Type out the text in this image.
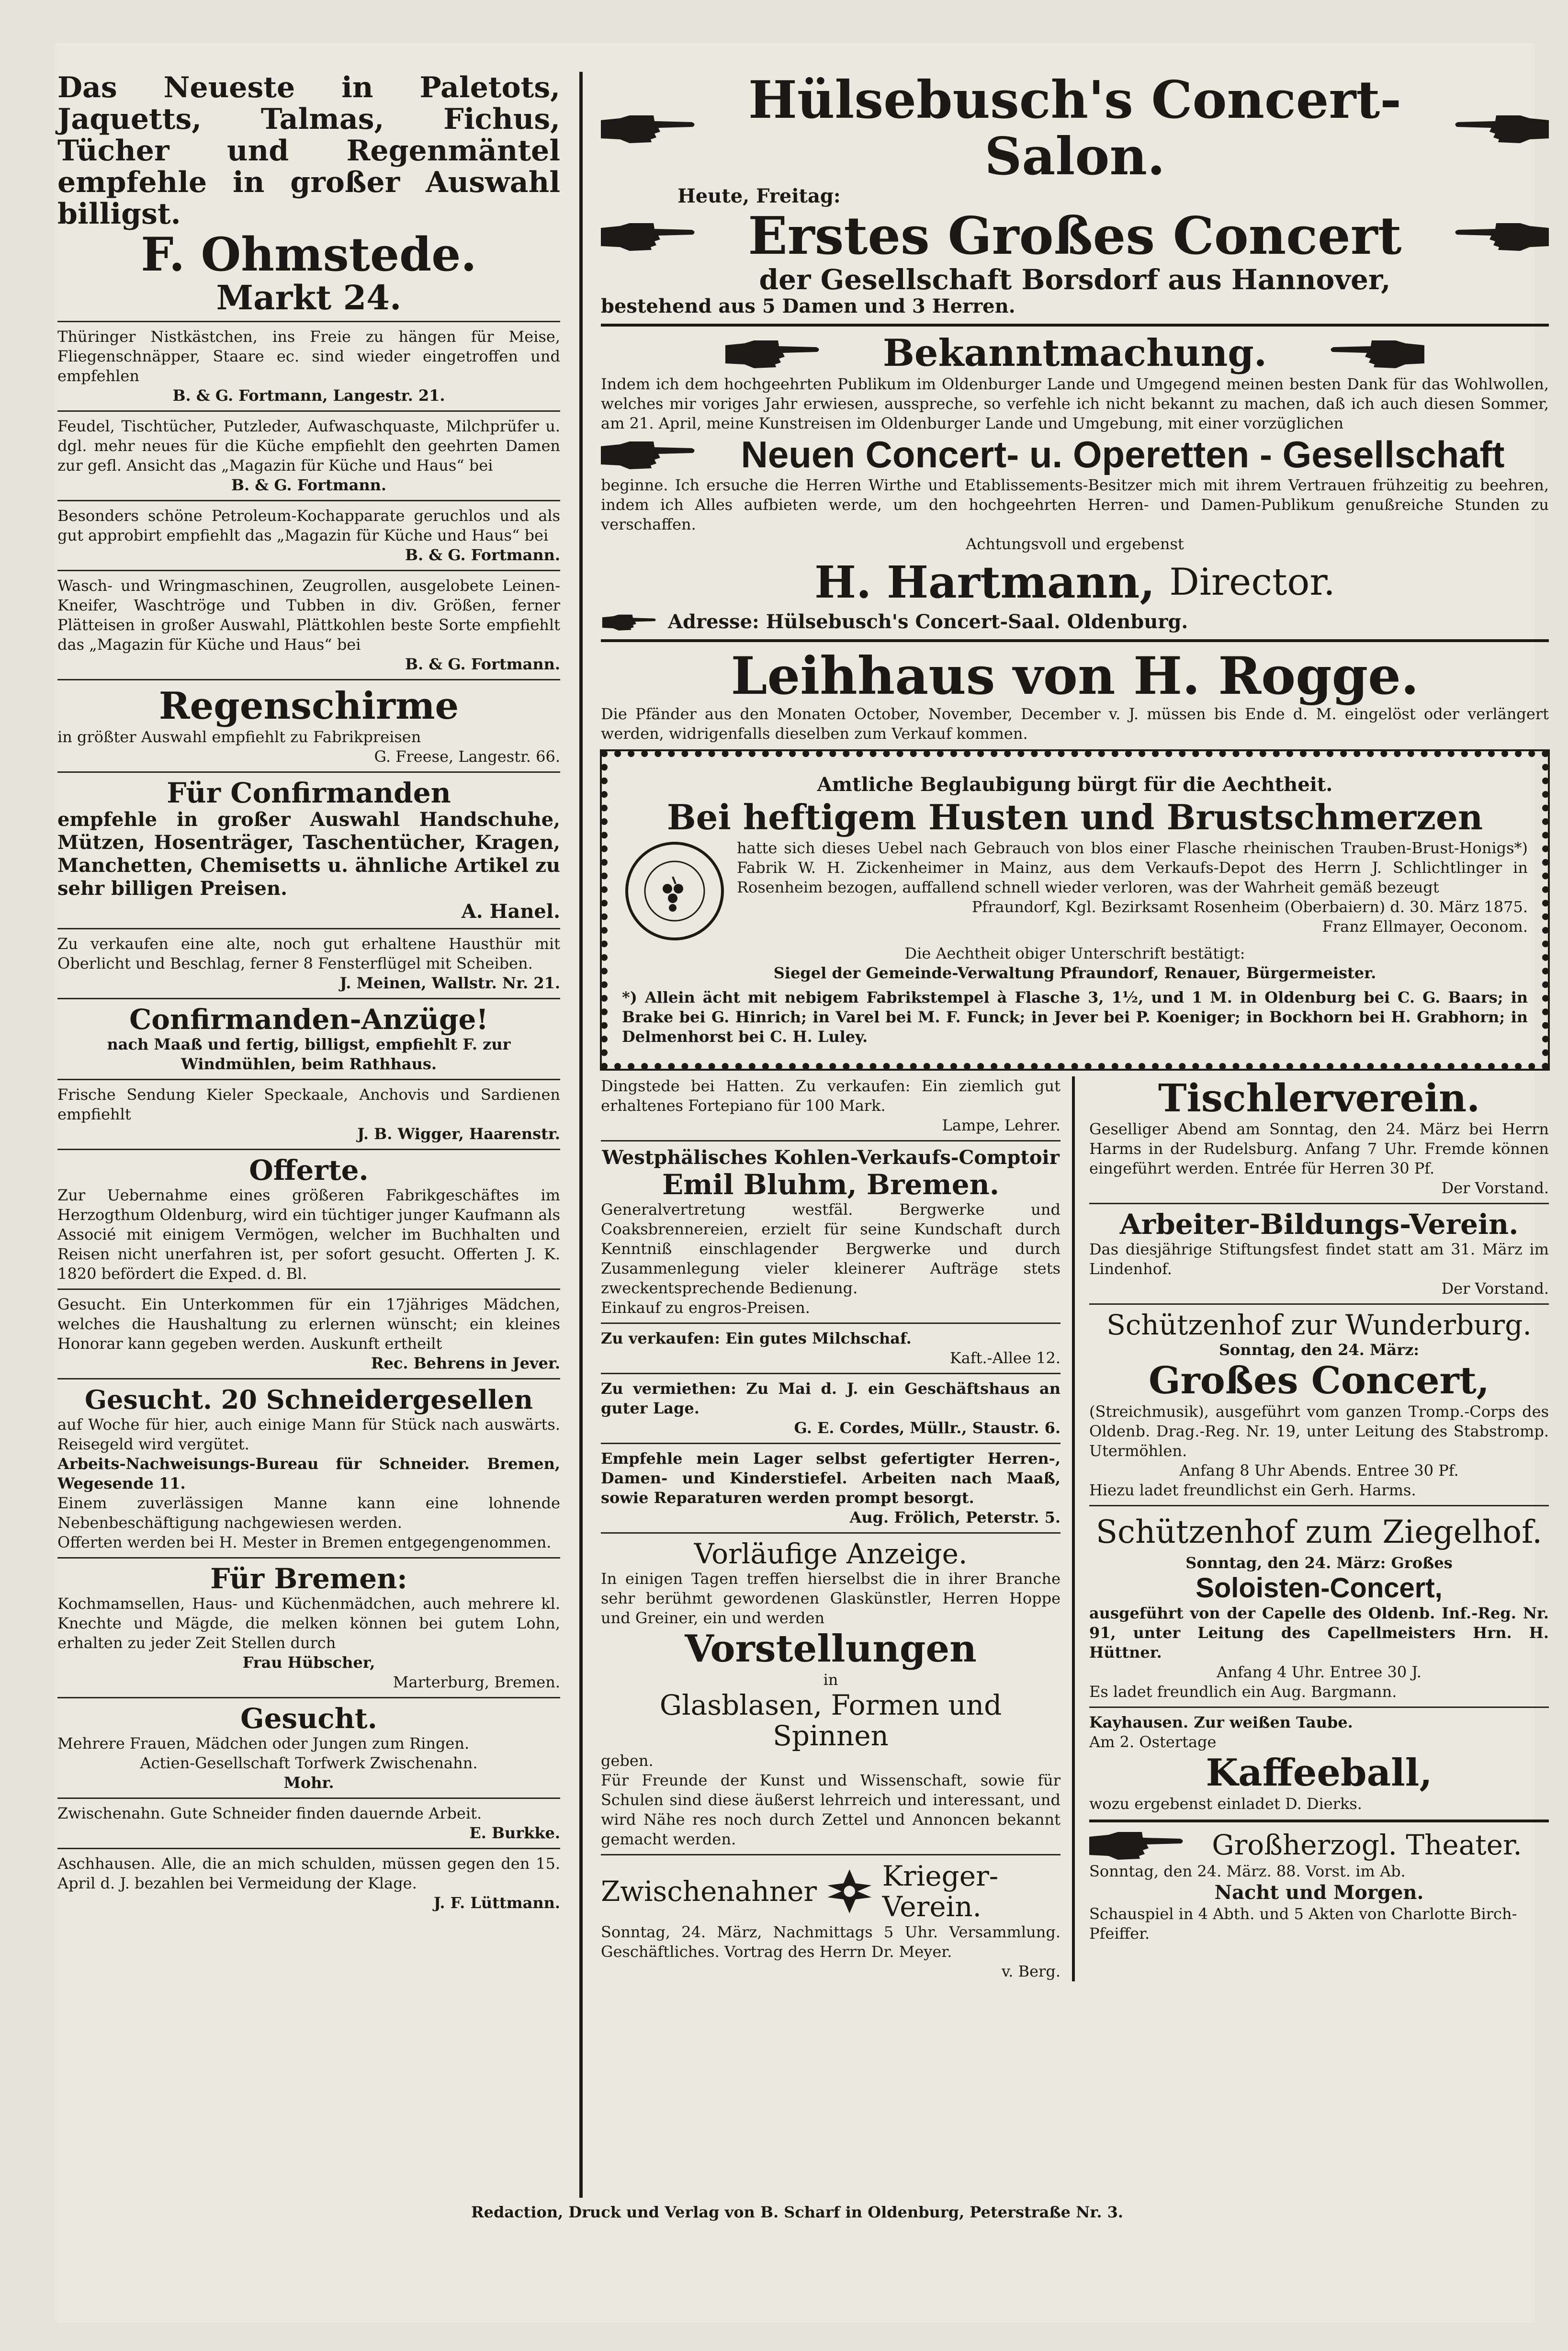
Das Neueste in Paletots, Jaquetts, Talmas, Fichus, Tücher und Regenmäntel empfehle in großer Auswahl billigst.
F. Ohmstede.
Markt 24.
Thüringer Nistkästchen, ins Freie zu hängen für Meise, Fliegenschnäpper, Staare ec. sind wieder eingetroffen und empfehlen
B. & G. Fortmann, Langestr. 21.
Feudel, Tischtücher, Putzleder, Aufwaschquaste, Milchprüfer u. dgl. mehr neues für die Küche empfiehlt den geehrten Damen zur gefl. Ansicht das „Magazin für Küche und Haus“ bei
B. & G. Fortmann.
Besonders schöne Petroleum-Kochapparate geruchlos und als gut approbirt empfiehlt das „Magazin für Küche und Haus“ bei
B. & G. Fortmann.
Wasch- und Wringmaschinen, Zeugrollen, ausgelobete Leinen-Kneifer, Waschtröge und Tubben in div. Größen, ferner Plätteisen in großer Auswahl, Plättkohlen beste Sorte empfiehlt das „Magazin für Küche und Haus“ bei
B. & G. Fortmann.
Regenschirme
in größter Auswahl empfiehlt zu Fabrikpreisen
G. Freese, Langestr. 66.
Für Confirmanden
empfehle in großer Auswahl Handschuhe, Mützen, Hosenträger, Taschentücher, Kragen, Manchetten, Chemisetts u. ähnliche Artikel zu sehr billigen Preisen.
A. Hanel.
Zu verkaufen eine alte, noch gut erhaltene Hausthür mit Oberlicht und Beschlag, ferner 8 Fensterflügel mit Scheiben.
J. Meinen, Wallstr. Nr. 21.
Confirmanden-Anzüge!
nach Maaß und fertig, billigst, empfiehlt F. zur Windmühlen, beim Rathhaus.
Frische Sendung Kieler Speckaale, Anchovis und Sardienen empfiehlt
J. B. Wigger, Haarenstr.
Offerte.
Zur Uebernahme eines größeren Fabrikgeschäftes im Herzogthum Oldenburg, wird ein tüchtiger junger Kaufmann als Associé mit einigem Vermögen, welcher im Buchhalten und Reisen nicht unerfahren ist, per sofort gesucht. Offerten J. K. 1820 befördert die Exped. d. Bl.
Gesucht. Ein Unterkommen für ein 17jähriges Mädchen, welches die Haushaltung zu erlernen wünscht; ein kleines Honorar kann gegeben werden. Auskunft ertheilt
Rec. Behrens in Jever.
Gesucht. 20 Schneidergesellen
auf Woche für hier, auch einige Mann für Stück nach auswärts. Reisegeld wird vergütet.
Arbeits-Nachweisungs-Bureau für Schneider. Bremen, Wegesende 11.
Einem zuverlässigen Manne kann eine lohnende Nebenbeschäftigung nachgewiesen werden.
Offerten werden bei H. Mester in Bremen entgegengenommen.
Für Bremen:
Kochmamsellen, Haus- und Küchenmädchen, auch mehrere kl. Knechte und Mägde, die melken können bei gutem Lohn, erhalten zu jeder Zeit Stellen durch
Frau Hübscher,
Marterburg, Bremen.
Gesucht.
Mehrere Frauen, Mädchen oder Jungen zum Ringen.
Actien-Gesellschaft Torfwerk Zwischenahn.
Mohr.
Zwischenahn. Gute Schneider finden dauernde Arbeit.
E. Burkke.
Aschhausen. Alle, die an mich schulden, müssen gegen den 15. April d. J. bezahlen bei Vermeidung der Klage.
J. F. Lüttmann.
Hülsebusch's Concert-Salon.
Heute, Freitag:
Erstes Großes Concert
der Gesellschaft Borsdorf aus Hannover,
bestehend aus 5 Damen und 3 Herren.
Bekanntmachung.
Indem ich dem hochgeehrten Publikum im Oldenburger Lande und Umgegend meinen besten Dank für das Wohlwollen, welches mir voriges Jahr erwiesen, ausspreche, so verfehle ich nicht bekannt zu machen, daß ich auch diesen Sommer, am 21. April, meine Kunstreisen im Oldenburger Lande und Umgebung, mit einer vorzüglichen
Neuen Concert- u. Operetten - Gesellschaft
beginne. Ich ersuche die Herren Wirthe und Etablissements-Besitzer mich mit ihrem Vertrauen frühzeitig zu beehren, indem ich Alles aufbieten werde, um den hochgeehrten Herren- und Damen-Publikum genußreiche Stunden zu verschaffen.
Achtungsvoll und ergebenst
H. Hartmann, Director.
Adresse: Hülsebusch's Concert-Saal. Oldenburg.
Leihhaus von H. Rogge.
Die Pfänder aus den Monaten October, November, December v. J. müssen bis Ende d. M. eingelöst oder verlängert werden, widrigenfalls dieselben zum Verkauf kommen.
Amtliche Beglaubigung bürgt für die Aechtheit.
Bei heftigem Husten und Brustschmerzen
hatte sich dieses Uebel nach Gebrauch von blos einer Flasche rheinischen Trauben-Brust-Honigs*) Fabrik W. H. Zickenheimer in Mainz, aus dem Verkaufs-Depot des Herrn J. Schlichtlinger in Rosenheim bezogen, auffallend schnell wieder verloren, was der Wahrheit gemäß bezeugt
Pfraundorf, Kgl. Bezirksamt Rosenheim (Oberbaiern) d. 30. März 1875.
Franz Ellmayer, Oeconom.
Die Aechtheit obiger Unterschrift bestätigt:
Siegel der Gemeinde-Verwaltung Pfraundorf, Renauer, Bürgermeister.
*) Allein ächt mit nebigem Fabrikstempel à Flasche 3, 1½, und 1 M. in Oldenburg bei C. G. Baars; in Brake bei G. Hinrich; in Varel bei M. F. Funck; in Jever bei P. Koeniger; in Bockhorn bei H. Grabhorn; in Delmenhorst bei C. H. Luley.
Dingstede bei Hatten. Zu verkaufen: Ein ziemlich gut erhaltenes Fortepiano für 100 Mark.
Lampe, Lehrer.
Westphälisches Kohlen-Verkaufs-Comptoir
Emil Bluhm, Bremen.
Generalvertretung westfäl. Bergwerke und Coaksbrennereien, erzielt für seine Kundschaft durch Kenntniß einschlagender Bergwerke und durch Zusammenlegung vieler kleinerer Aufträge stets zweckentsprechende Bedienung.
Einkauf zu engros-Preisen.
Zu verkaufen: Ein gutes Milchschaf.
Kaft.-Allee 12.
Zu vermiethen: Zu Mai d. J. ein Geschäftshaus an guter Lage.
G. E. Cordes, Müllr., Staustr. 6.
Empfehle mein Lager selbst gefertigter Herren-, Damen- und Kinderstiefel. Arbeiten nach Maaß, sowie Reparaturen werden prompt besorgt.
Aug. Frölich, Peterstr. 5.
Vorläufige Anzeige.
In einigen Tagen treffen hierselbst die in ihrer Branche sehr berühmt gewordenen Glaskünstler, Herren Hoppe und Greiner, ein und werden
Vorstellungen
in
Glasblasen, Formen und Spinnen
geben.
Für Freunde der Kunst und Wissenschaft, sowie für Schulen sind diese äußerst lehrreich und interessant, und wird Nähe res noch durch Zettel und Annoncen bekannt gemacht werden.
Zwischenahner Krieger-Verein.
Sonntag, 24. März, Nachmittags 5 Uhr. Versammlung. Geschäftliches. Vortrag des Herrn Dr. Meyer.
v. Berg.
Tischlerverein.
Geselliger Abend am Sonntag, den 24. März bei Herrn Harms in der Rudelsburg. Anfang 7 Uhr. Fremde können eingeführt werden. Entrée für Herren 30 Pf.
Der Vorstand.
Arbeiter-Bildungs-Verein.
Das diesjährige Stiftungsfest findet statt am 31. März im Lindenhof.
Der Vorstand.
Schützenhof zur Wunderburg.
Sonntag, den 24. März:
Großes Concert,
(Streichmusik), ausgeführt vom ganzen Tromp.-Corps des Oldenb. Drag.-Reg. Nr. 19, unter Leitung des Stabstromp. Utermöhlen.
Anfang 8 Uhr Abends. Entree 30 Pf.
Hiezu ladet freundlichst ein Gerh. Harms.
Schützenhof zum Ziegelhof.
Sonntag, den 24. März: Großes
Soloisten-Concert,
ausgeführt von der Capelle des Oldenb. Inf.-Reg. Nr. 91, unter Leitung des Capellmeisters Hrn. H. Hüttner.
Anfang 4 Uhr. Entree 30 J.
Es ladet freundlich ein Aug. Bargmann.
Kayhausen. Zur weißen Taube.
Am 2. Ostertage
Kaffeeball,
wozu ergebenst einladet D. Dierks.
Großherzogl. Theater.
Sonntag, den 24. März. 88. Vorst. im Ab.
Nacht und Morgen.
Schauspiel in 4 Abth. und 5 Akten von Charlotte Birch-Pfeiffer.
Redaction, Druck und Verlag von B. Scharf in Oldenburg, Peterstraße Nr. 3.
